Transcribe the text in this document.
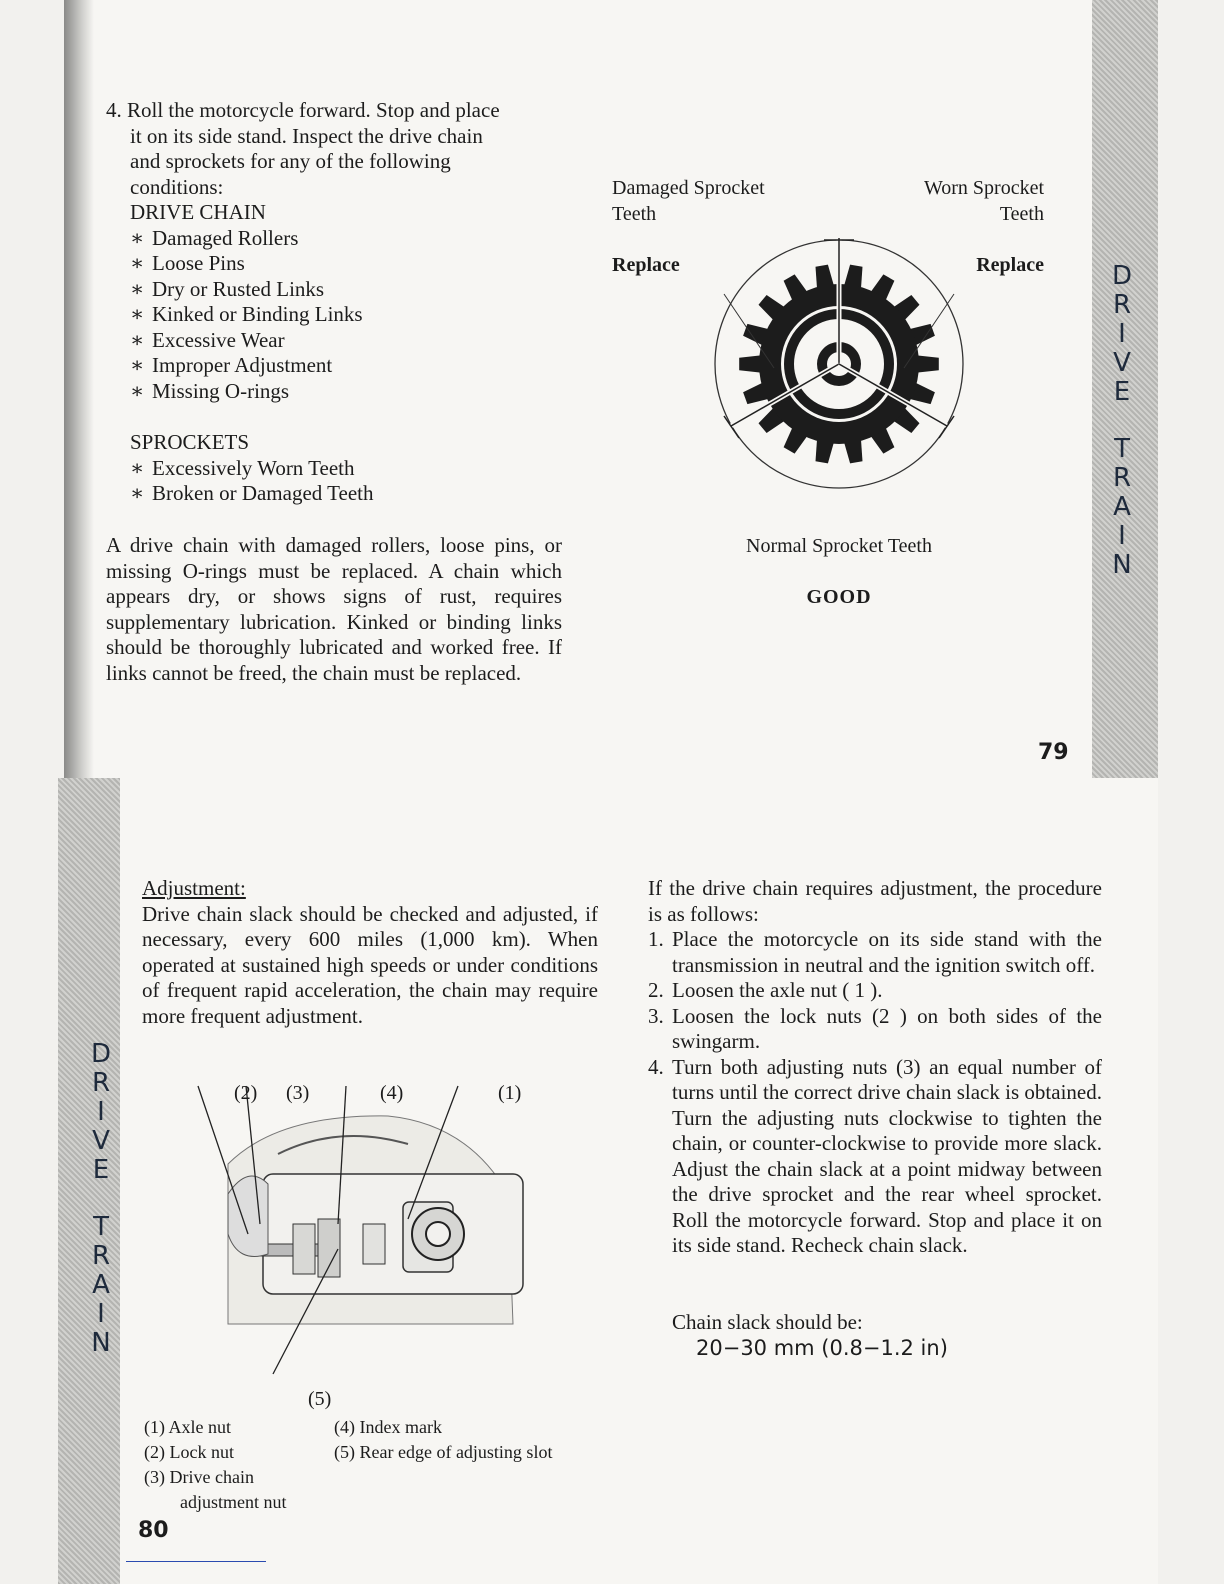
4. Roll the motorcycle forward. Stop and place
it on its side stand. Inspect the drive chain
and sprockets for any of the following
conditions:
DRIVE CHAIN
∗ Damaged Rollers
∗ Loose Pins
∗ Dry or Rusted Links
∗ Kinked or Binding Links
∗ Excessive Wear
∗ Improper Adjustment
∗ Missing O-rings
SPROCKETS
∗ Excessively Worn Teeth
∗ Broken or Damaged Teeth
A drive chain with damaged rollers, loose pins, or missing O-rings must be replaced. A chain which appears dry, or shows signs of rust, requires supplementary lubrication. Kinked or binding links should be thoroughly lubricated and worked free. If links cannot be freed, the chain must be replaced.
Damaged Sprocket
Teeth
Worn Sprocket
Teeth
Replace	Replace
Normal Sprocket Teeth
GOOD
79
D
R
I
V
E
T
R
A
I
N
D
R
I
V
E
T
R
A
I
N
Adjustment:
Drive chain slack should be checked and adjusted, if necessary, every 600 miles (1,000 km). When operated at sustained high speeds or under conditions of frequent rapid acceleration, the chain may require more frequent adjustment.
(2) (3)	(4)	(1)
(5)
(1) Axle nut
(2) Lock nut
(3) Drive chain
adjustment nut
(4) Index mark
(5) Rear edge of adjusting slot
80
If the drive chain requires adjustment, the procedure is as follows:
1. Place the motorcycle on its side stand with the transmission in neutral and the ignition switch off.
2. Loosen the axle nut ( 1 ).
3. Loosen the lock nuts (2 ) on both sides of the swingarm.
4. Turn both adjusting nuts (3) an equal number of turns until the correct drive chain slack is obtained. Turn the adjusting nuts clockwise to tighten the chain, or counter-clockwise to provide more slack. Adjust the chain slack at a point midway between the drive sprocket and the rear wheel sprocket. Roll the motorcycle forward. Stop and place it on its side stand. Recheck chain slack.
Chain slack should be:
20−30 mm (0.8−1.2 in)
